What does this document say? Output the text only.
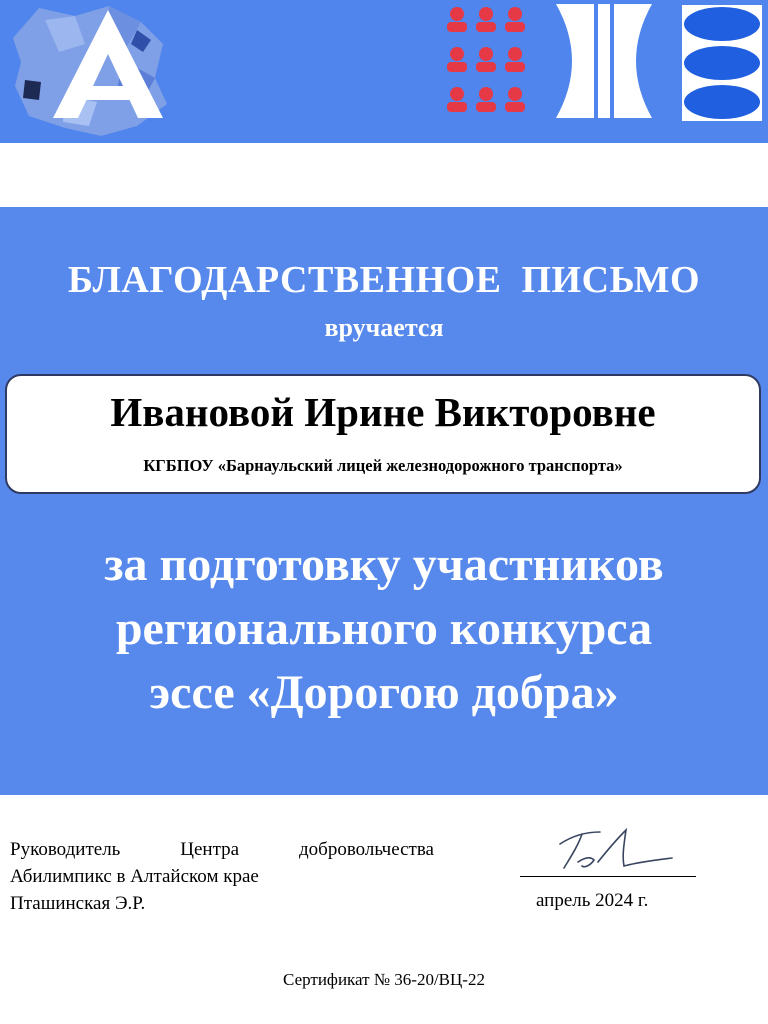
БЛАГОДАРСТВЕННОЕ  ПИСЬМО
вручается
Ивановой Ирине Викторовне
КГБПОУ «Барнаульский лицей железнодорожного транспорта»
за подготовку участников
регионального конкурса
эссе «Дорогою добра»
Руководитель Центра добровольчества
Абилимпикс в Алтайском крае
Пташинская Э.Р.	апрель 2024 г.
Сертификат № 36-20/ВЦ-22
